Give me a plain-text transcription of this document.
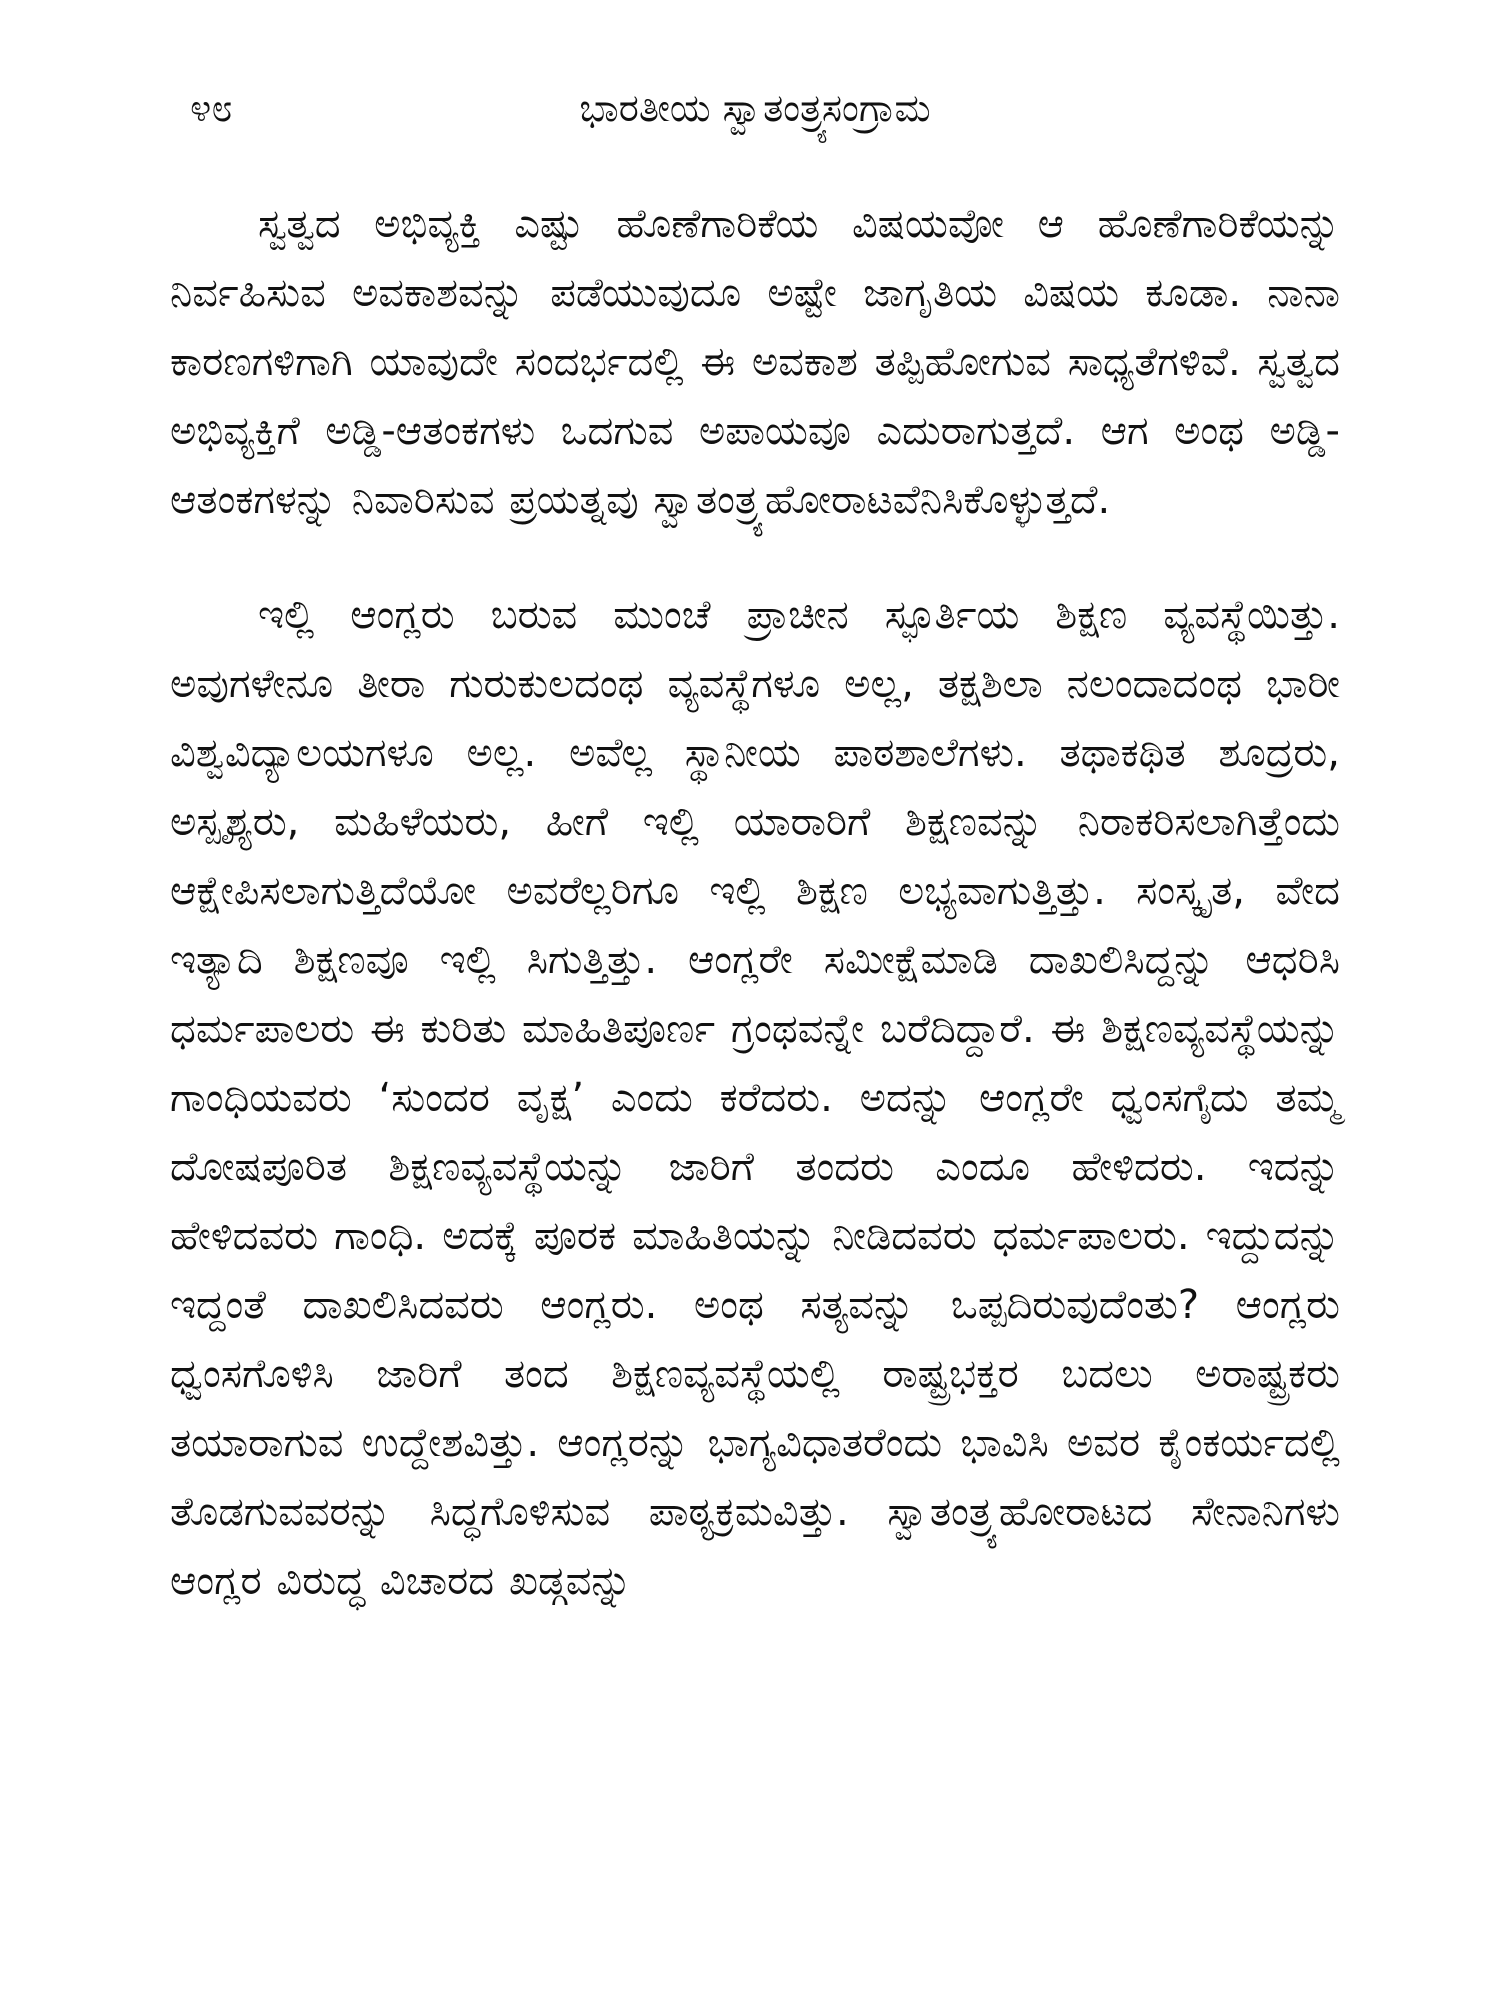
೪೮	ಭಾರತೀಯ ಸ್ವಾತಂತ್ರ್ಯಸಂಗ್ರಾಮ

ಸ್ವತ್ವದ ಅಭಿವ್ಯಕ್ತಿ ಎಷ್ಟು ಹೊಣೆಗಾರಿಕೆಯ ವಿಷಯವೋ ಆ ಹೊಣೆಗಾರಿಕೆಯನ್ನು ನಿರ್ವಹಿಸುವ ಅವಕಾಶವನ್ನು ಪಡೆಯುವುದೂ ಅಷ್ಟೇ ಜಾಗೃತಿಯ ವಿಷಯ ಕೂಡಾ. ನಾನಾ ಕಾರಣಗಳಿಗಾಗಿ ಯಾವುದೇ ಸಂದರ್ಭದಲ್ಲಿ ಈ ಅವಕಾಶ ತಪ್ಪಿಹೋಗುವ ಸಾಧ್ಯತೆಗಳಿವೆ. ಸ್ವತ್ವದ ಅಭಿವ್ಯಕ್ತಿಗೆ ಅಡ್ಡಿ-ಆತಂಕಗಳು ಒದಗುವ ಅಪಾಯವೂ ಎದುರಾಗುತ್ತದೆ. ಆಗ ಅಂಥ ಅಡ್ಡಿ-ಆತಂಕಗಳನ್ನು ನಿವಾರಿಸುವ ಪ್ರಯತ್ನವು ಸ್ವಾತಂತ್ರ್ಯಹೋರಾಟವೆನಿಸಿಕೊಳ್ಳುತ್ತದೆ.

ಇಲ್ಲಿ ಆಂಗ್ಲರು ಬರುವ ಮುಂಚೆ ಪ್ರಾಚೀನ ಸ್ಫೂರ್ತಿಯ ಶಿಕ್ಷಣ ವ್ಯವಸ್ಥೆಯಿತ್ತು. ಅವುಗಳೇನೂ ತೀರಾ ಗುರುಕುಲದಂಥ ವ್ಯವಸ್ಥೆಗಳೂ ಅಲ್ಲ, ತಕ್ಷಶಿಲಾ ನಲಂದಾದಂಥ ಭಾರೀ ವಿಶ್ವವಿದ್ಯಾಲಯಗಳೂ ಅಲ್ಲ. ಅವೆಲ್ಲ ಸ್ಥಾನೀಯ ಪಾಠಶಾಲೆಗಳು. ತಥಾಕಥಿತ ಶೂದ್ರರು, ಅಸ್ಪೃಶ್ಯರು, ಮಹಿಳೆಯರು, ಹೀಗೆ ಇಲ್ಲಿ ಯಾರಾರಿಗೆ ಶಿಕ್ಷಣವನ್ನು ನಿರಾಕರಿಸಲಾಗಿತ್ತೆಂದು ಆಕ್ಷೇಪಿಸಲಾಗುತ್ತಿದೆಯೋ ಅವರೆಲ್ಲರಿಗೂ ಇಲ್ಲಿ ಶಿಕ್ಷಣ ಲಭ್ಯವಾಗುತ್ತಿತ್ತು. ಸಂಸ್ಕೃತ, ವೇದ ಇತ್ಯಾದಿ ಶಿಕ್ಷಣವೂ ಇಲ್ಲಿ ಸಿಗುತ್ತಿತ್ತು. ಆಂಗ್ಲರೇ ಸಮೀಕ್ಷೆಮಾಡಿ ದಾಖಲಿಸಿದ್ದನ್ನು ಆಧರಿಸಿ ಧರ್ಮಪಾಲರು ಈ ಕುರಿತು ಮಾಹಿತಿಪೂರ್ಣ ಗ್ರಂಥವನ್ನೇ ಬರೆದಿದ್ದಾರೆ. ಈ ಶಿಕ್ಷಣವ್ಯವಸ್ಥೆಯನ್ನು ಗಾಂಧಿಯವರು ‘ಸುಂದರ ವೃಕ್ಷ’ ಎಂದು ಕರೆದರು. ಅದನ್ನು ಆಂಗ್ಲರೇ ಧ್ವಂಸಗೈದು ತಮ್ಮ ದೋಷಪೂರಿತ ಶಿಕ್ಷಣವ್ಯವಸ್ಥೆಯನ್ನು ಜಾರಿಗೆ ತಂದರು ಎಂದೂ ಹೇಳಿದರು. ಇದನ್ನು ಹೇಳಿದವರು ಗಾಂಧಿ. ಅದಕ್ಕೆ ಪೂರಕ ಮಾಹಿತಿಯನ್ನು ನೀಡಿದವರು ಧರ್ಮಪಾಲರು. ಇದ್ದುದನ್ನು ಇದ್ದಂತೆ ದಾಖಲಿಸಿದವರು ಆಂಗ್ಲರು. ಅಂಥ ಸತ್ಯವನ್ನು ಒಪ್ಪದಿರುವುದೆಂತು? ಆಂಗ್ಲರು ಧ್ವಂಸಗೊಳಿಸಿ ಜಾರಿಗೆ ತಂದ ಶಿಕ್ಷಣವ್ಯವಸ್ಥೆಯಲ್ಲಿ ರಾಷ್ಟ್ರಭಕ್ತರ ಬದಲು ಅರಾಷ್ಟ್ರಕರು ತಯಾರಾಗುವ ಉದ್ದೇಶವಿತ್ತು. ಆಂಗ್ಲರನ್ನು ಭಾಗ್ಯವಿಧಾತರೆಂದು ಭಾವಿಸಿ ಅವರ ಕೈಂಕರ್ಯದಲ್ಲಿ ತೊಡಗುವವರನ್ನು ಸಿದ್ಧಗೊಳಿಸುವ ಪಾಠ್ಯಕ್ರಮವಿತ್ತು. ಸ್ವಾತಂತ್ರ್ಯಹೋರಾಟದ ಸೇನಾನಿಗಳು ಆಂಗ್ಲರ ವಿರುದ್ಧ ವಿಚಾರದ ಖಡ್ಗವನ್ನು
